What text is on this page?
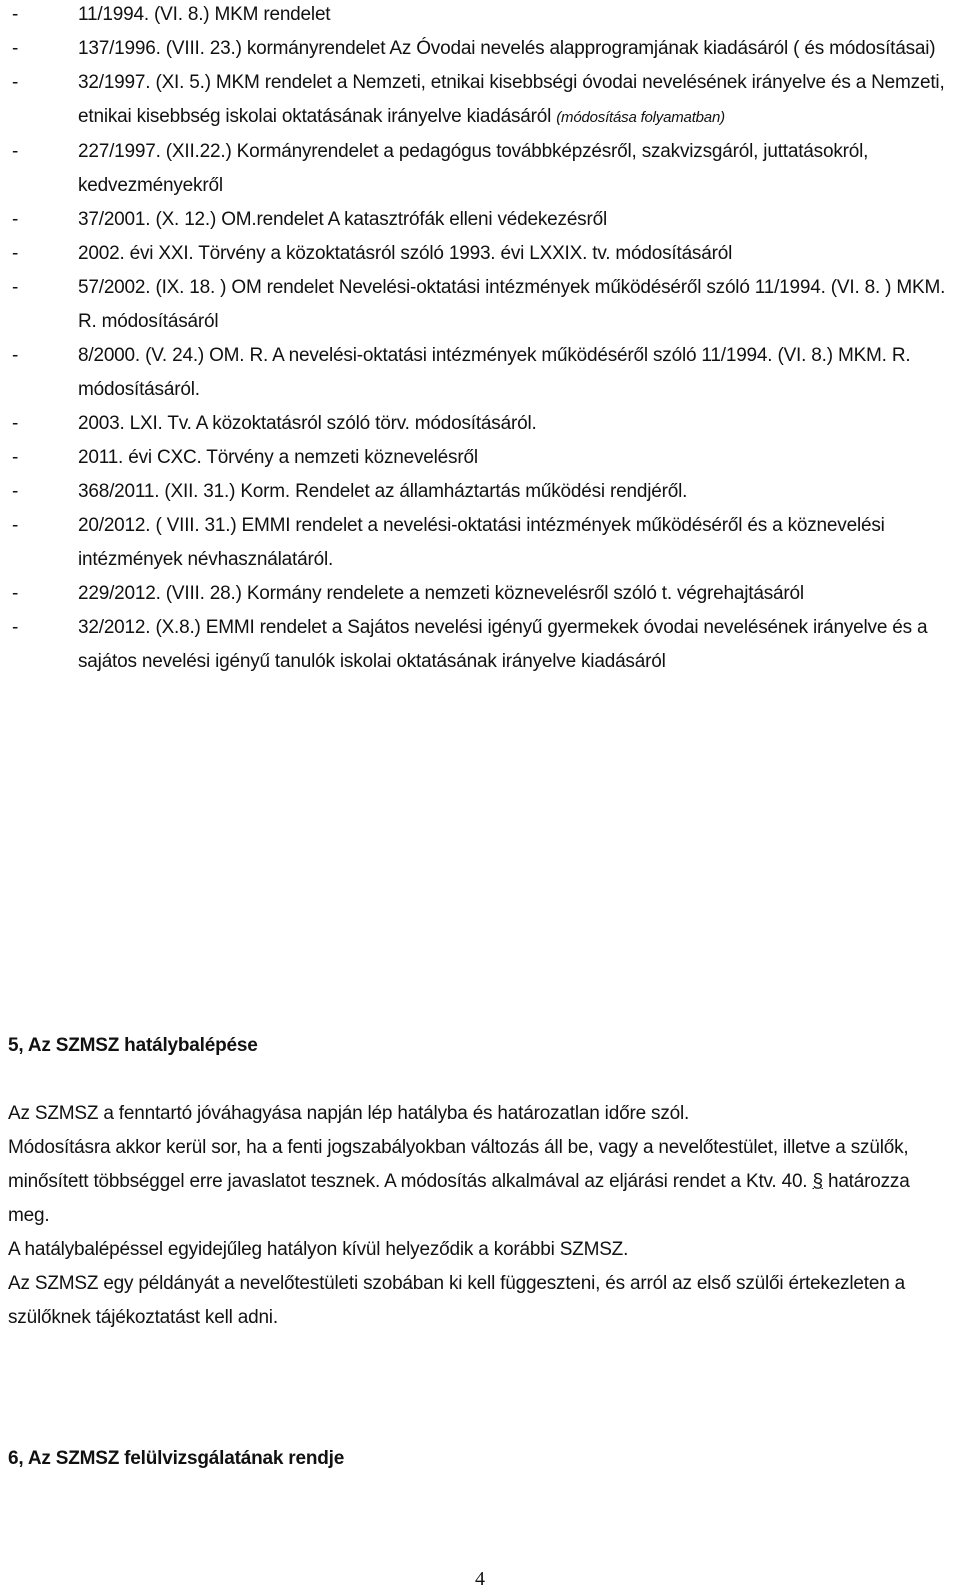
-	11/1994. (VI. 8.) MKM rendelet
-	137/1996. (VIII. 23.) kormányrendelet Az Óvodai nevelés alapprogramjának kiadásáról ( és módosításai)
-	32/1997. (XI. 5.) MKM rendelet a Nemzeti, etnikai kisebbségi óvodai nevelésének irányelve és a Nemzeti, etnikai kisebbség iskolai oktatásának irányelve kiadásáról (módosítása folyamatban)
-	227/1997. (XII.22.) Kormányrendelet a pedagógus továbbképzésről, szakvizsgáról, juttatásokról, kedvezményekről
-	37/2001. (X. 12.) OM.rendelet A katasztrófák elleni védekezésről
-	2002. évi XXI. Törvény a közoktatásról szóló 1993. évi LXXIX. tv. módosításáról
-	57/2002. (IX. 18. ) OM rendelet Nevelési-oktatási intézmények működéséről szóló 11/1994. (VI. 8. ) MKM. R. módosításáról
-	8/2000. (V. 24.) OM. R. A nevelési-oktatási intézmények működéséről szóló 11/1994. (VI. 8.) MKM. R. módosításáról.
-	2003. LXI. Tv. A közoktatásról szóló törv. módosításáról.
-	2011. évi CXC. Törvény a nemzeti köznevelésről
-	368/2011. (XII. 31.) Korm. Rendelet az államháztartás működési rendjéről.
-	20/2012. ( VIII. 31.) EMMI rendelet a nevelési-oktatási intézmények működéséről és a köznevelési intézmények névhasználatáról.
-	229/2012. (VIII. 28.) Kormány rendelete a nemzeti köznevelésről szóló t. végrehajtásáról
-	32/2012. (X.8.) EMMI rendelet a Sajátos nevelési igényű gyermekek óvodai nevelésének irányelve és a sajátos nevelési igényű tanulók iskolai oktatásának irányelve kiadásáról
5, Az SZMSZ hatálybalépése
Az SZMSZ a fenntartó jóváhagyása napján lép hatályba és határozatlan időre szól.
Módosításra akkor kerül sor, ha a fenti jogszabályokban változás áll be, vagy a nevelőtestület, illetve a szülők, minősített többséggel erre javaslatot tesznek. A módosítás alkalmával az eljárási rendet a Ktv. 40. § határozza meg.
A hatálybalépéssel egyidejűleg hatályon kívül helyeződik a korábbi SZMSZ.
Az SZMSZ egy példányát a nevelőtestületi szobában ki kell függeszteni, és arról az első szülői értekezleten a szülőknek tájékoztatást kell adni.
6, Az SZMSZ felülvizsgálatának rendje
4
